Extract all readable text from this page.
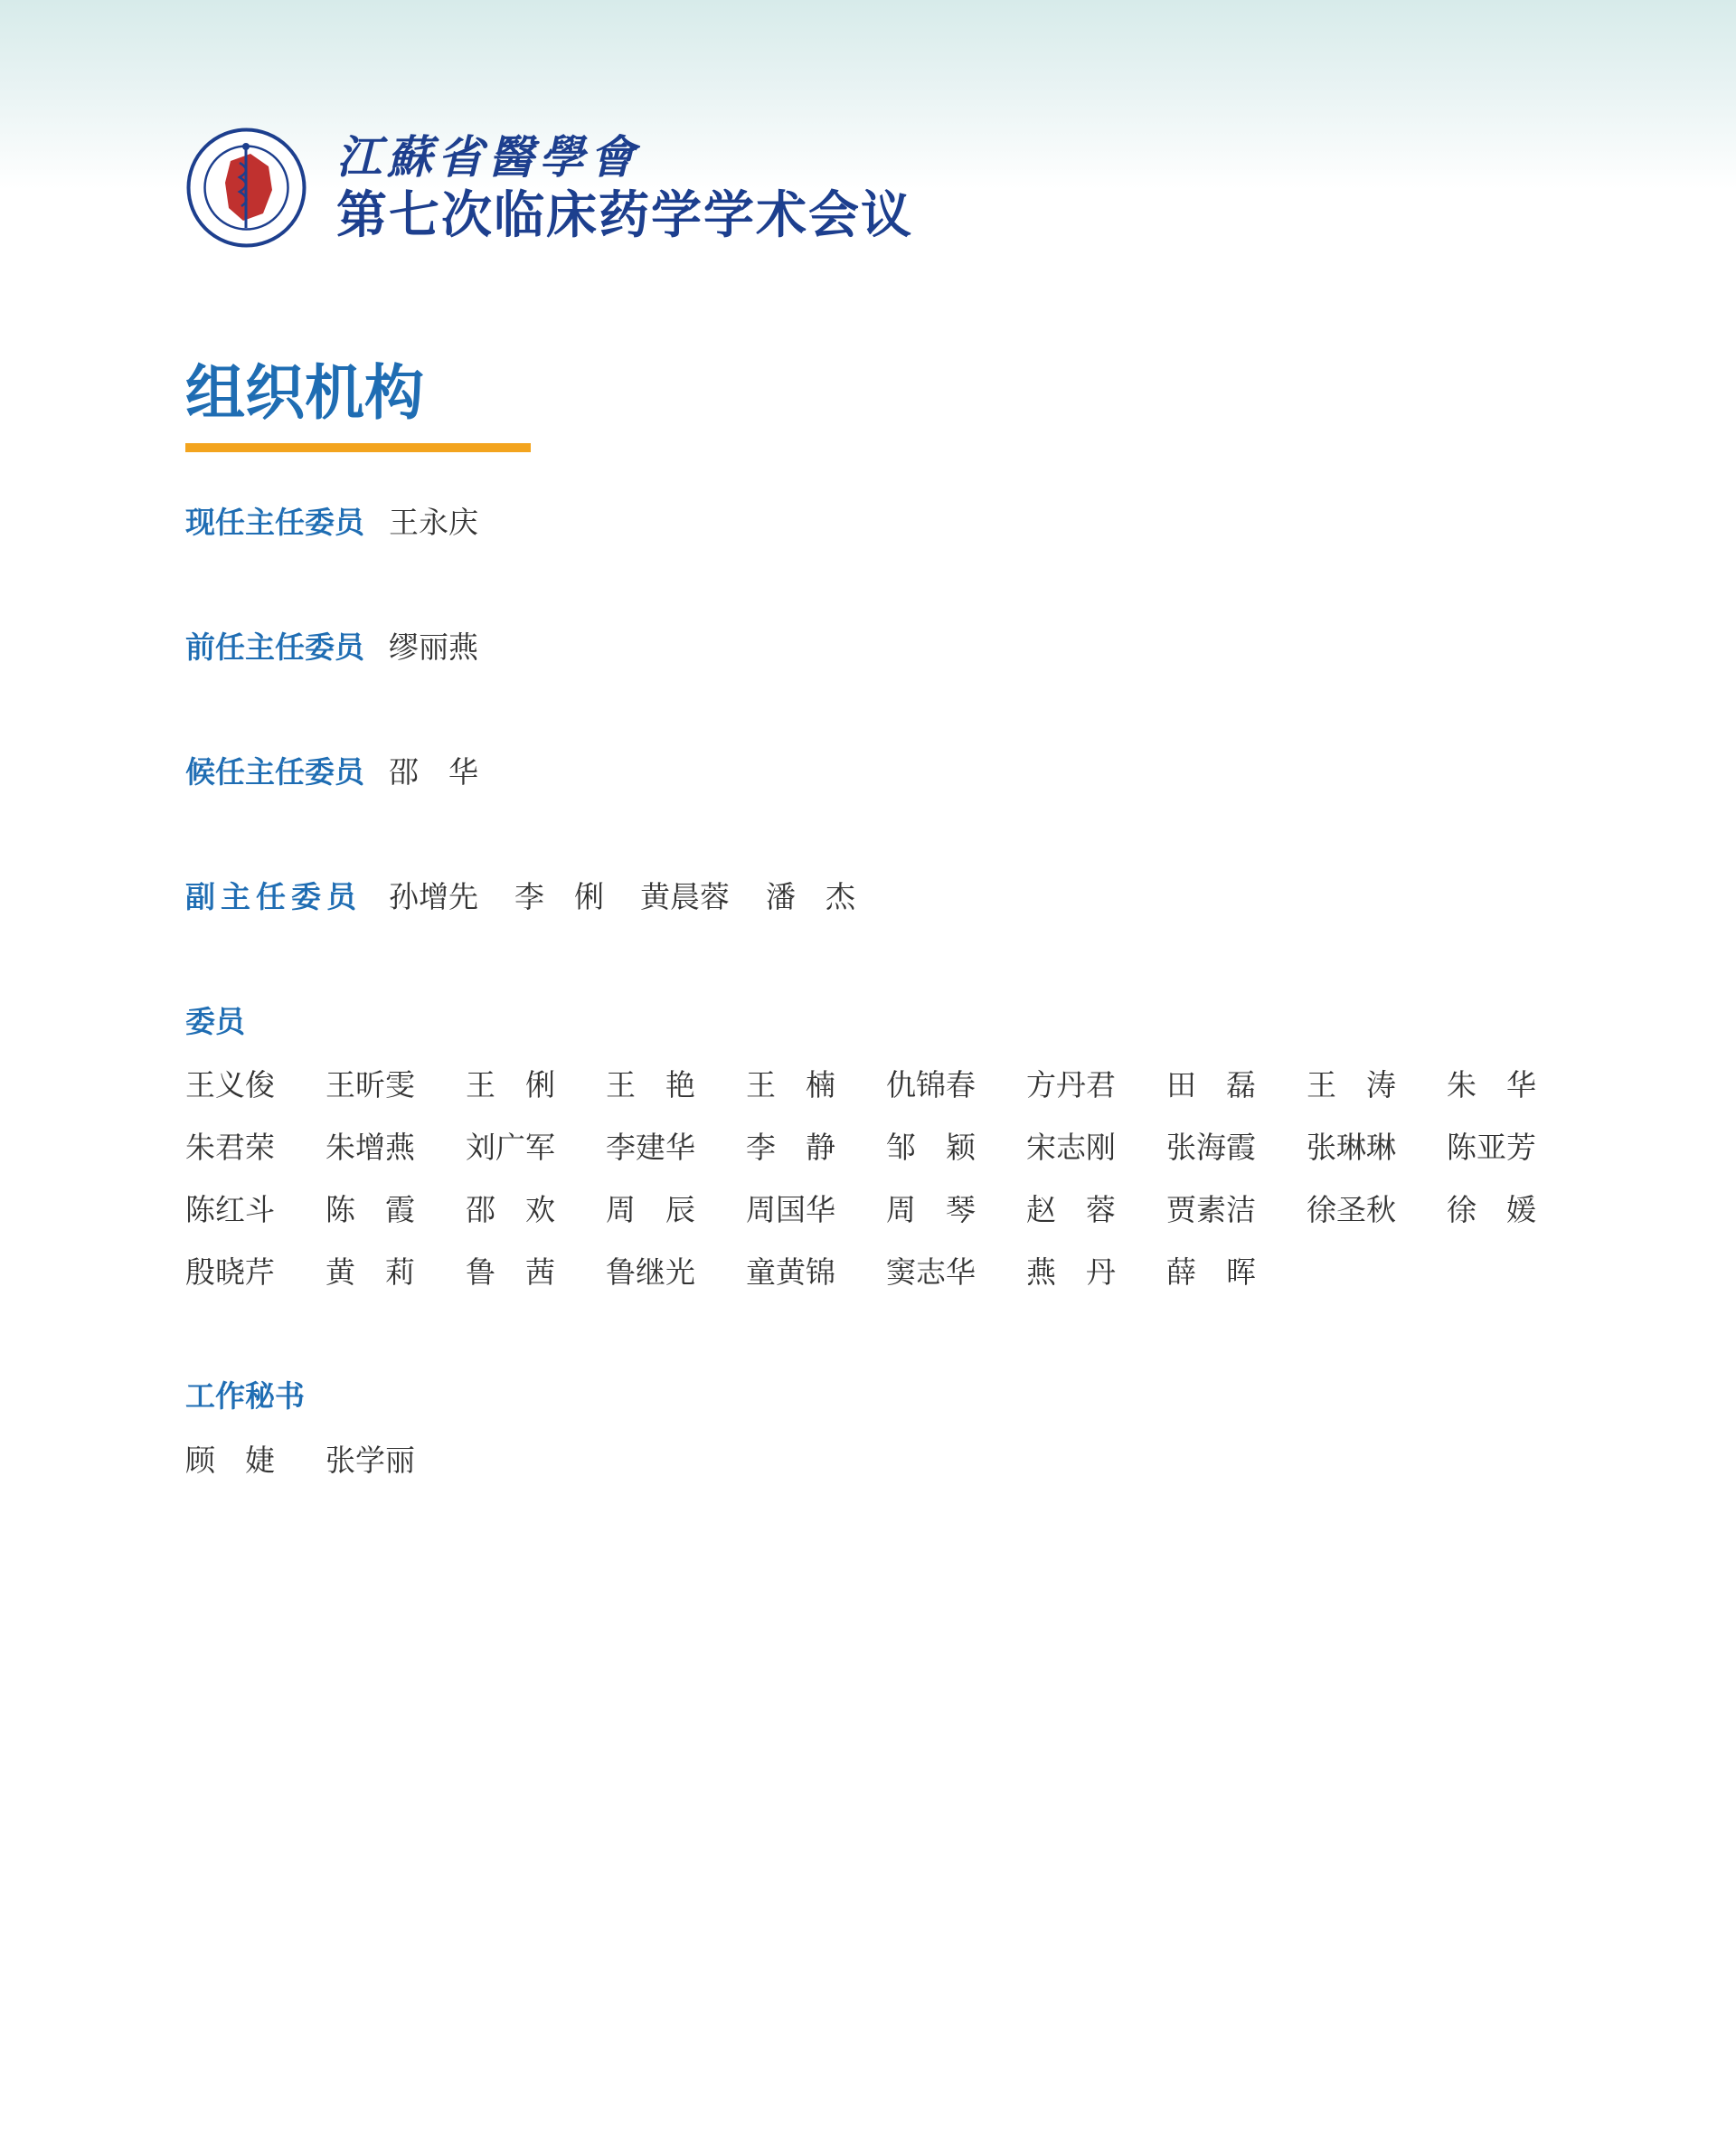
江蘇省醫學會
第七次临床药学学术会议
组织机构
现任主任委员 王永庆
前任主任委员 缪丽燕
候任主任委员 邵　华
副主任委员 孙增先 李　俐 黄晨蓉 潘　杰
委员
王义俊	王昕雯	王　俐	王　艳	王　楠	仇锦春	方丹君	田　磊	王　涛	朱　华
朱君荣	朱增燕	刘广军	李建华	李　静	邹　颖	宋志刚	张海霞	张琳琳	陈亚芳
陈红斗	陈　霞	邵　欢	周　辰	周国华	周　琴	赵　蓉	贾素洁	徐圣秋	徐　媛
殷晓芹	黄　莉	鲁　茜	鲁继光	童黄锦	窦志华	燕　丹	薛　晖
工作秘书
顾　婕	张学丽
